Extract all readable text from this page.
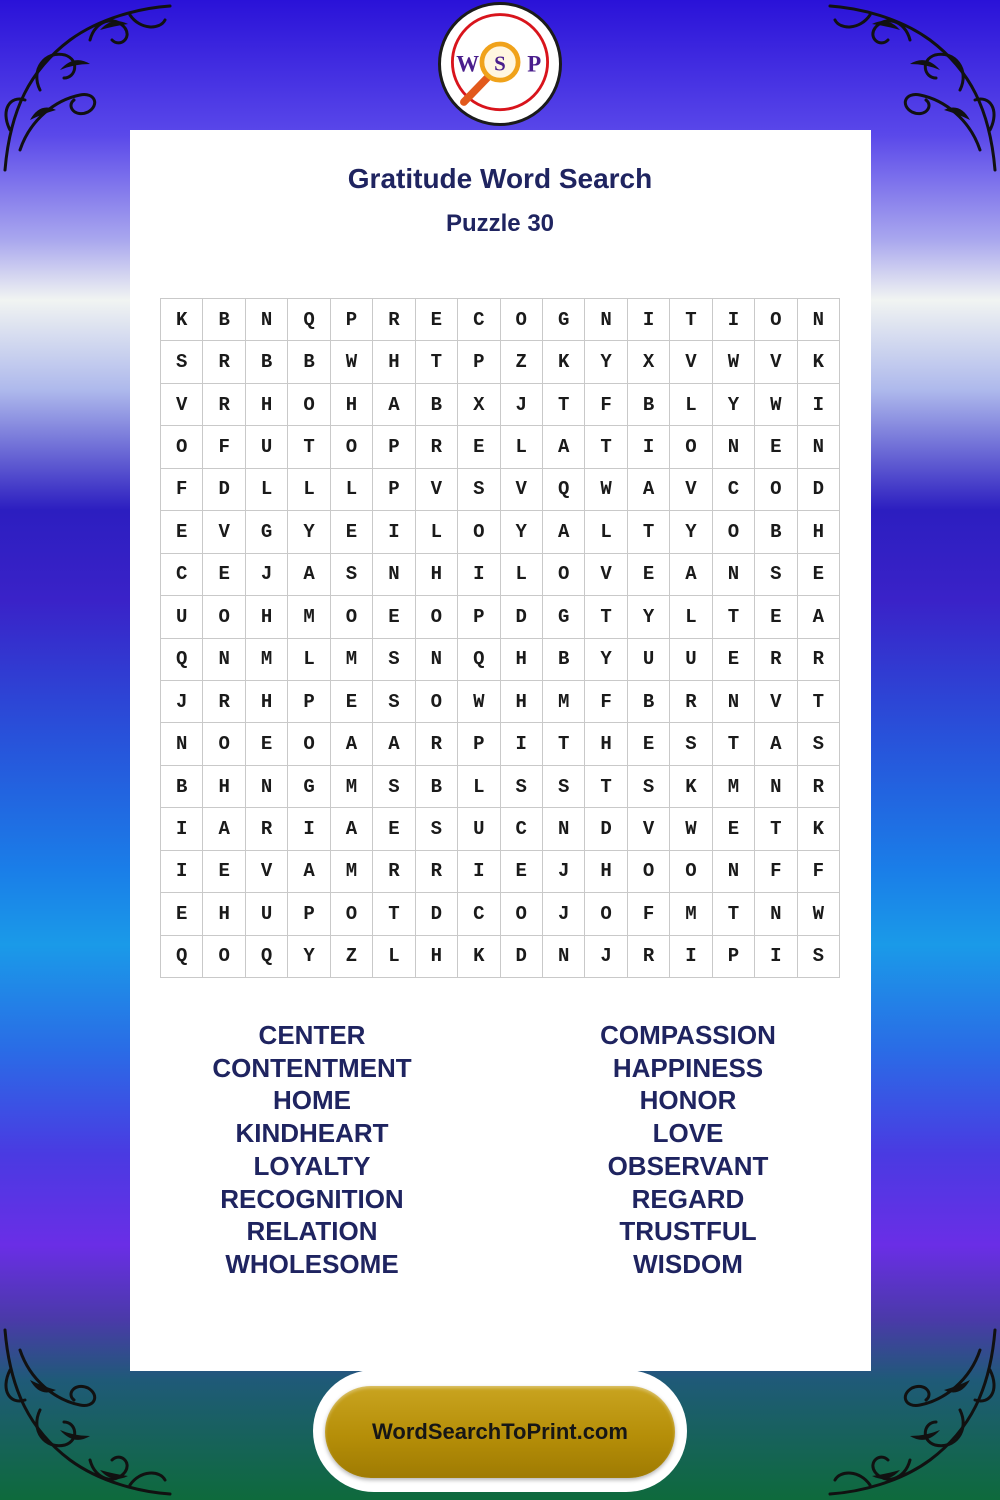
W S P
Gratitude Word Search
Puzzle 30
K	B	N	Q	P	R	E	C	O	G	N	I	T	I	O	N
S	R	B	B	W	H	T	P	Z	K	Y	X	V	W	V	K
V	R	H	O	H	A	B	X	J	T	F	B	L	Y	W	I
O	F	U	T	O	P	R	E	L	A	T	I	O	N	E	N
F	D	L	L	L	P	V	S	V	Q	W	A	V	C	O	D
E	V	G	Y	E	I	L	O	Y	A	L	T	Y	O	B	H
C	E	J	A	S	N	H	I	L	O	V	E	A	N	S	E
U	O	H	M	O	E	O	P	D	G	T	Y	L	T	E	A
Q	N	M	L	M	S	N	Q	H	B	Y	U	U	E	R	R
J	R	H	P	E	S	O	W	H	M	F	B	R	N	V	T
N	O	E	O	A	A	R	P	I	T	H	E	S	T	A	S
B	H	N	G	M	S	B	L	S	S	T	S	K	M	N	R
I	A	R	I	A	E	S	U	C	N	D	V	W	E	T	K
I	E	V	A	M	R	R	I	E	J	H	O	O	N	F	F
E	H	U	P	O	T	D	C	O	J	O	F	M	T	N	W
Q	O	Q	Y	Z	L	H	K	D	N	J	R	I	P	I	S
CENTER
CONTENTMENT
HOME
KINDHEART
LOYALTY
RECOGNITION
RELATION
WHOLESOME
COMPASSION
HAPPINESS
HONOR
LOVE
OBSERVANT
REGARD
TRUSTFUL
WISDOM
WordSearchToPrint.com
